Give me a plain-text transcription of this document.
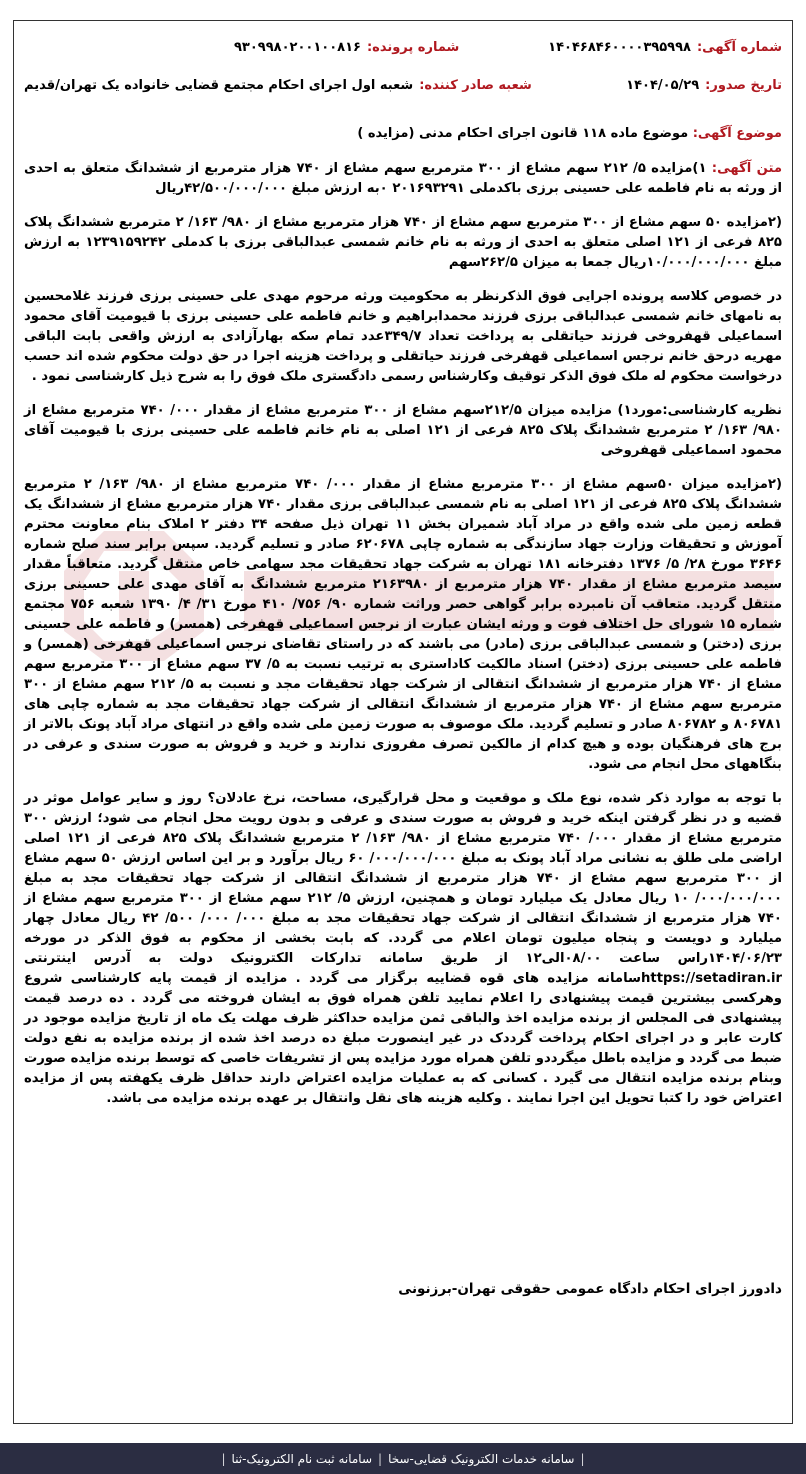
شماره آگهی:
۱۴۰۴۶۸۴۶۰۰۰۰۳۹۵۹۹۸
شماره پرونده:
۹۳۰۹۹۸۰۲۰۰۱۰۰۸۱۶
تاریخ صدور:
۱۴۰۴/۰۵/۲۹
شعبه صادر کننده:
شعبه اول اجرای احکام مجتمع قضایی خانواده یک تهران/قدیم
موضوع آگهی: موضوع ماده ۱۱۸ قانون اجرای احکام مدنی (مزایده )

متن آگهی: ۱)مزایده ۵/ ۲۱۲ سهم مشاع از ۳۰۰ مترمربع سهم مشاع از ۷۴۰ هزار مترمربع از ششدانگ متعلق به احدی از ورثه به نام فاطمه علی حسینی برزی باکدملی ۲۰۱۶۹۳۲۹۱ ۰به ارزش مبلغ ۴۲/۵۰۰/۰۰۰/۰۰۰ریال

(۲مزایده ۵۰ سهم مشاع از ۳۰۰ مترمربع سهم مشاع از ۷۴۰ هزار مترمربع مشاع از ۹۸۰/ ۱۶۳/ ۲ مترمربع ششدانگ پلاک ۸۲۵ فرعی از ۱۲۱ اصلی متعلق به احدی از ورثه به نام خانم شمسی عبدالباقی برزی با کدملی ۱۲۳۹۱۵۹۲۴۲ به ارزش مبلغ ۱۰/۰۰۰/۰۰۰/۰۰۰ریال جمعا به میزان ۲۶۲/۵سهم

در خصوص کلاسه پرونده اجرایی فوق الذکرنظر به محکومیت ورثه مرحوم مهدی علی حسینی برزی فرزند غلامحسین به نامهای خانم شمسی عبدالباقی برزی فرزند محمدابراهیم و خانم فاطمه علی حسینی برزی با قیومیت آقای محمود اسماعیلی قهفروخی فرزند حیاتقلی به پرداخت تعداد ۳۴۹/۷عدد تمام سکه بهارآزادی به ارزش واقعی بابت الباقی مهریه درحق خانم نرجس اسماعیلی قهفرخی فرزند حیاتقلی و پرداخت هزینه اجرا در حق دولت محکوم شده اند حسب درخواست محکوم له ملک فوق الذکر توقیف وکارشناس رسمی دادگستری ملک فوق را به شرح ذیل کارشناسی نمود .

نظریه کارشناسی:مورد۱) مزایده میزان ۲۱۲/۵سهم مشاع از ۳۰۰ مترمربع مشاع از مقدار ۰۰۰/ ۷۴۰ مترمربع مشاع از ۹۸۰/ ۱۶۳/ ۲ مترمربع ششدانگ پلاک ۸۲۵ فرعی از ۱۲۱ اصلی به نام خانم فاطمه علی حسینی برزی با قیومیت آقای محمود اسماعیلی قهفروخی

(۲مزایده میزان ۵۰سهم مشاع از ۳۰۰ مترمربع مشاع از مقدار ۰۰۰/ ۷۴۰ مترمربع مشاع از ۹۸۰/ ۱۶۳/ ۲ مترمربع ششدانگ پلاک ۸۲۵ فرعی از ۱۲۱ اصلی به نام شمسی عبدالباقی برزی مقدار ۷۴۰ هزار مترمربع مشاع از ششدانگ یک قطعه زمین ملی شده واقع در مراد آباد شمیران بخش ۱۱ تهران ذیل صفحه ۳۴ دفتر ۲ املاک بنام معاونت محترم آموزش و تحقیقات وزارت جهاد سازندگی به شماره چاپی ۶۲۰۶۷۸ صادر و تسلیم گردید. سپس برابر سند صلح شماره ۳۶۴۶ مورخ ۲۸/ ۵/ ۱۳۷۶ دفترخانه ۱۸۱ تهران به شرکت جهاد تحقیقات مجد سهامی خاص منتقل گردید. متعاقباً مقدار سیصد مترمربع مشاع از مقدار ۷۴۰ هزار مترمربع از ۲۱۶۳۹۸۰ مترمربع ششدانگ به آقای مهدی علی حسینی برزی منتقل گردید. متعاقب آن نامبرده برابر گواهی حصر وراثت شماره ۹۰/ ۷۵۶/ ۴۱۰ مورخ ۳۱/ ۴/ ۱۳۹۰ شعبه ۷۵۶ مجتمع شماره ۱۵ شورای حل اختلاف فوت و ورثه ایشان عبارت از نرجس اسماعیلی قهفرخی (همسر) و فاطمه علی حسینی برزی (دختر) و شمسی عبدالباقی برزی (مادر) می باشند که در راستای تقاضای نرجس اسماعیلی قهفرخی (همسر) و فاطمه علی حسینی برزی (دختر) اسناد مالکیت کاداستری به ترتیب نسبت به ۵/ ۳۷ سهم مشاع از ۳۰۰ مترمربع سهم مشاع از ۷۴۰ هزار مترمربع از ششدانگ انتقالی از شرکت جهاد تحقیقات مجد و نسبت به ۵/ ۲۱۲ سهم مشاع از ۳۰۰ مترمربع سهم مشاع از ۷۴۰ هزار مترمربع از ششدانگ انتقالی از شرکت جهاد تحقیقات مجد به شماره چاپی های ۸۰۶۷۸۱ و ۸۰۶۷۸۲ صادر و تسلیم گردید. ملک موصوف به صورت زمین ملی شده واقع در انتهای مراد آباد پونک بالاتر از برج های فرهنگیان بوده و هیچ کدام از مالکین تصرف مفروزی ندارند و خرید و فروش به صورت سندی و عرفی در بنگاههای محل انجام می شود.

با توجه به موارد ذکر شده، نوع ملک و موقعیت و محل قرارگیری، مساحت، نرخ عادلان؟ روز و سایر عوامل موثر در قضیه و در نظر گرفتن اینکه خرید و فروش به صورت سندی و عرفی و بدون رویت محل انجام می شود؛ ارزش ۳۰۰ مترمربع مشاع از مقدار ۰۰۰/ ۷۴۰ مترمربع مشاع از ۹۸۰/ ۱۶۳/ ۲ مترمربع ششدانگ پلاک ۸۲۵ فرعی از ۱۲۱ اصلی اراضی ملی طلق به نشانی مراد آباد پونک به مبلغ ۰۰۰/۰۰۰/۰۰۰/ ۶۰ ریال برآورد و بر این اساس ارزش ۵۰ سهم مشاع از ۳۰۰ مترمربع سهم مشاع از ۷۴۰ هزار مترمربع از ششدانگ انتقالی از شرکت جهاد تحقیقات مجد به مبلغ ۰۰۰/۰۰۰/۰۰۰/ ۱۰ ریال معادل یک میلیارد تومان و همچنین، ارزش ۵/ ۲۱۲ سهم مشاع از ۳۰۰ مترمربع سهم مشاع از ۷۴۰ هزار مترمربع از ششدانگ انتقالی از شرکت جهاد تحقیقات مجد به مبلغ ۰۰۰/ ۰۰۰/ ۵۰۰/ ۴۲ ریال معادل چهار میلیارد و دویست و پنجاه میلیون تومان اعلام می گردد. که بابت بخشی از محکوم به فوق الذکر در مورخه ۱۴۰۴/۰۶/۲۳راس ساعت ۰۸/۰۰الی۱۲ از طریق سامانه تدارکات الکترونیک دولت به آدرس اینترنتی https://setadiran.irسامانه مزایده های قوه قضاییه برگزار می گردد . مزایده از قیمت پایه کارشناسی شروع وهرکسی بیشترین قیمت پیشنهادی را اعلام نمایید تلفن همراه فوق به ایشان فروخته می گردد . ده درصد قیمت پیشنهادی فی المجلس از برنده مزایده اخذ والباقی ثمن مزایده حداکثر ظرف مهلت یک ماه از تاریخ مزایده موجود در کارت عابر و در اجرای احکام پرداخت گرددک در غیر اینصورت مبلغ ده درصد اخذ شده از برنده مزایده به نفع دولت ضبط می گردد و مزایده باطل میگرددو تلفن همراه مورد مزایده پس از تشریفات خاصی که توسط برنده مزایده صورت وبنام برنده مزایده انتقال می گیرد . کسانی که به عملیات مزایده اعتراض دارند حداقل ظرف یکهفته پس از مزایده اعتراض خود را کتبا تحویل این اجرا نمایند . وکلیه هزینه های نقل وانتقال بر عهده برنده مزایده می باشد.

دادورز اجرای احکام دادگاه عمومی حقوقی تهران-برزنونی
|
سامانه خدمات الکترونیک قضایی-سخا
|
سامانه ثبت نام الکترونیک-ثنا
|
